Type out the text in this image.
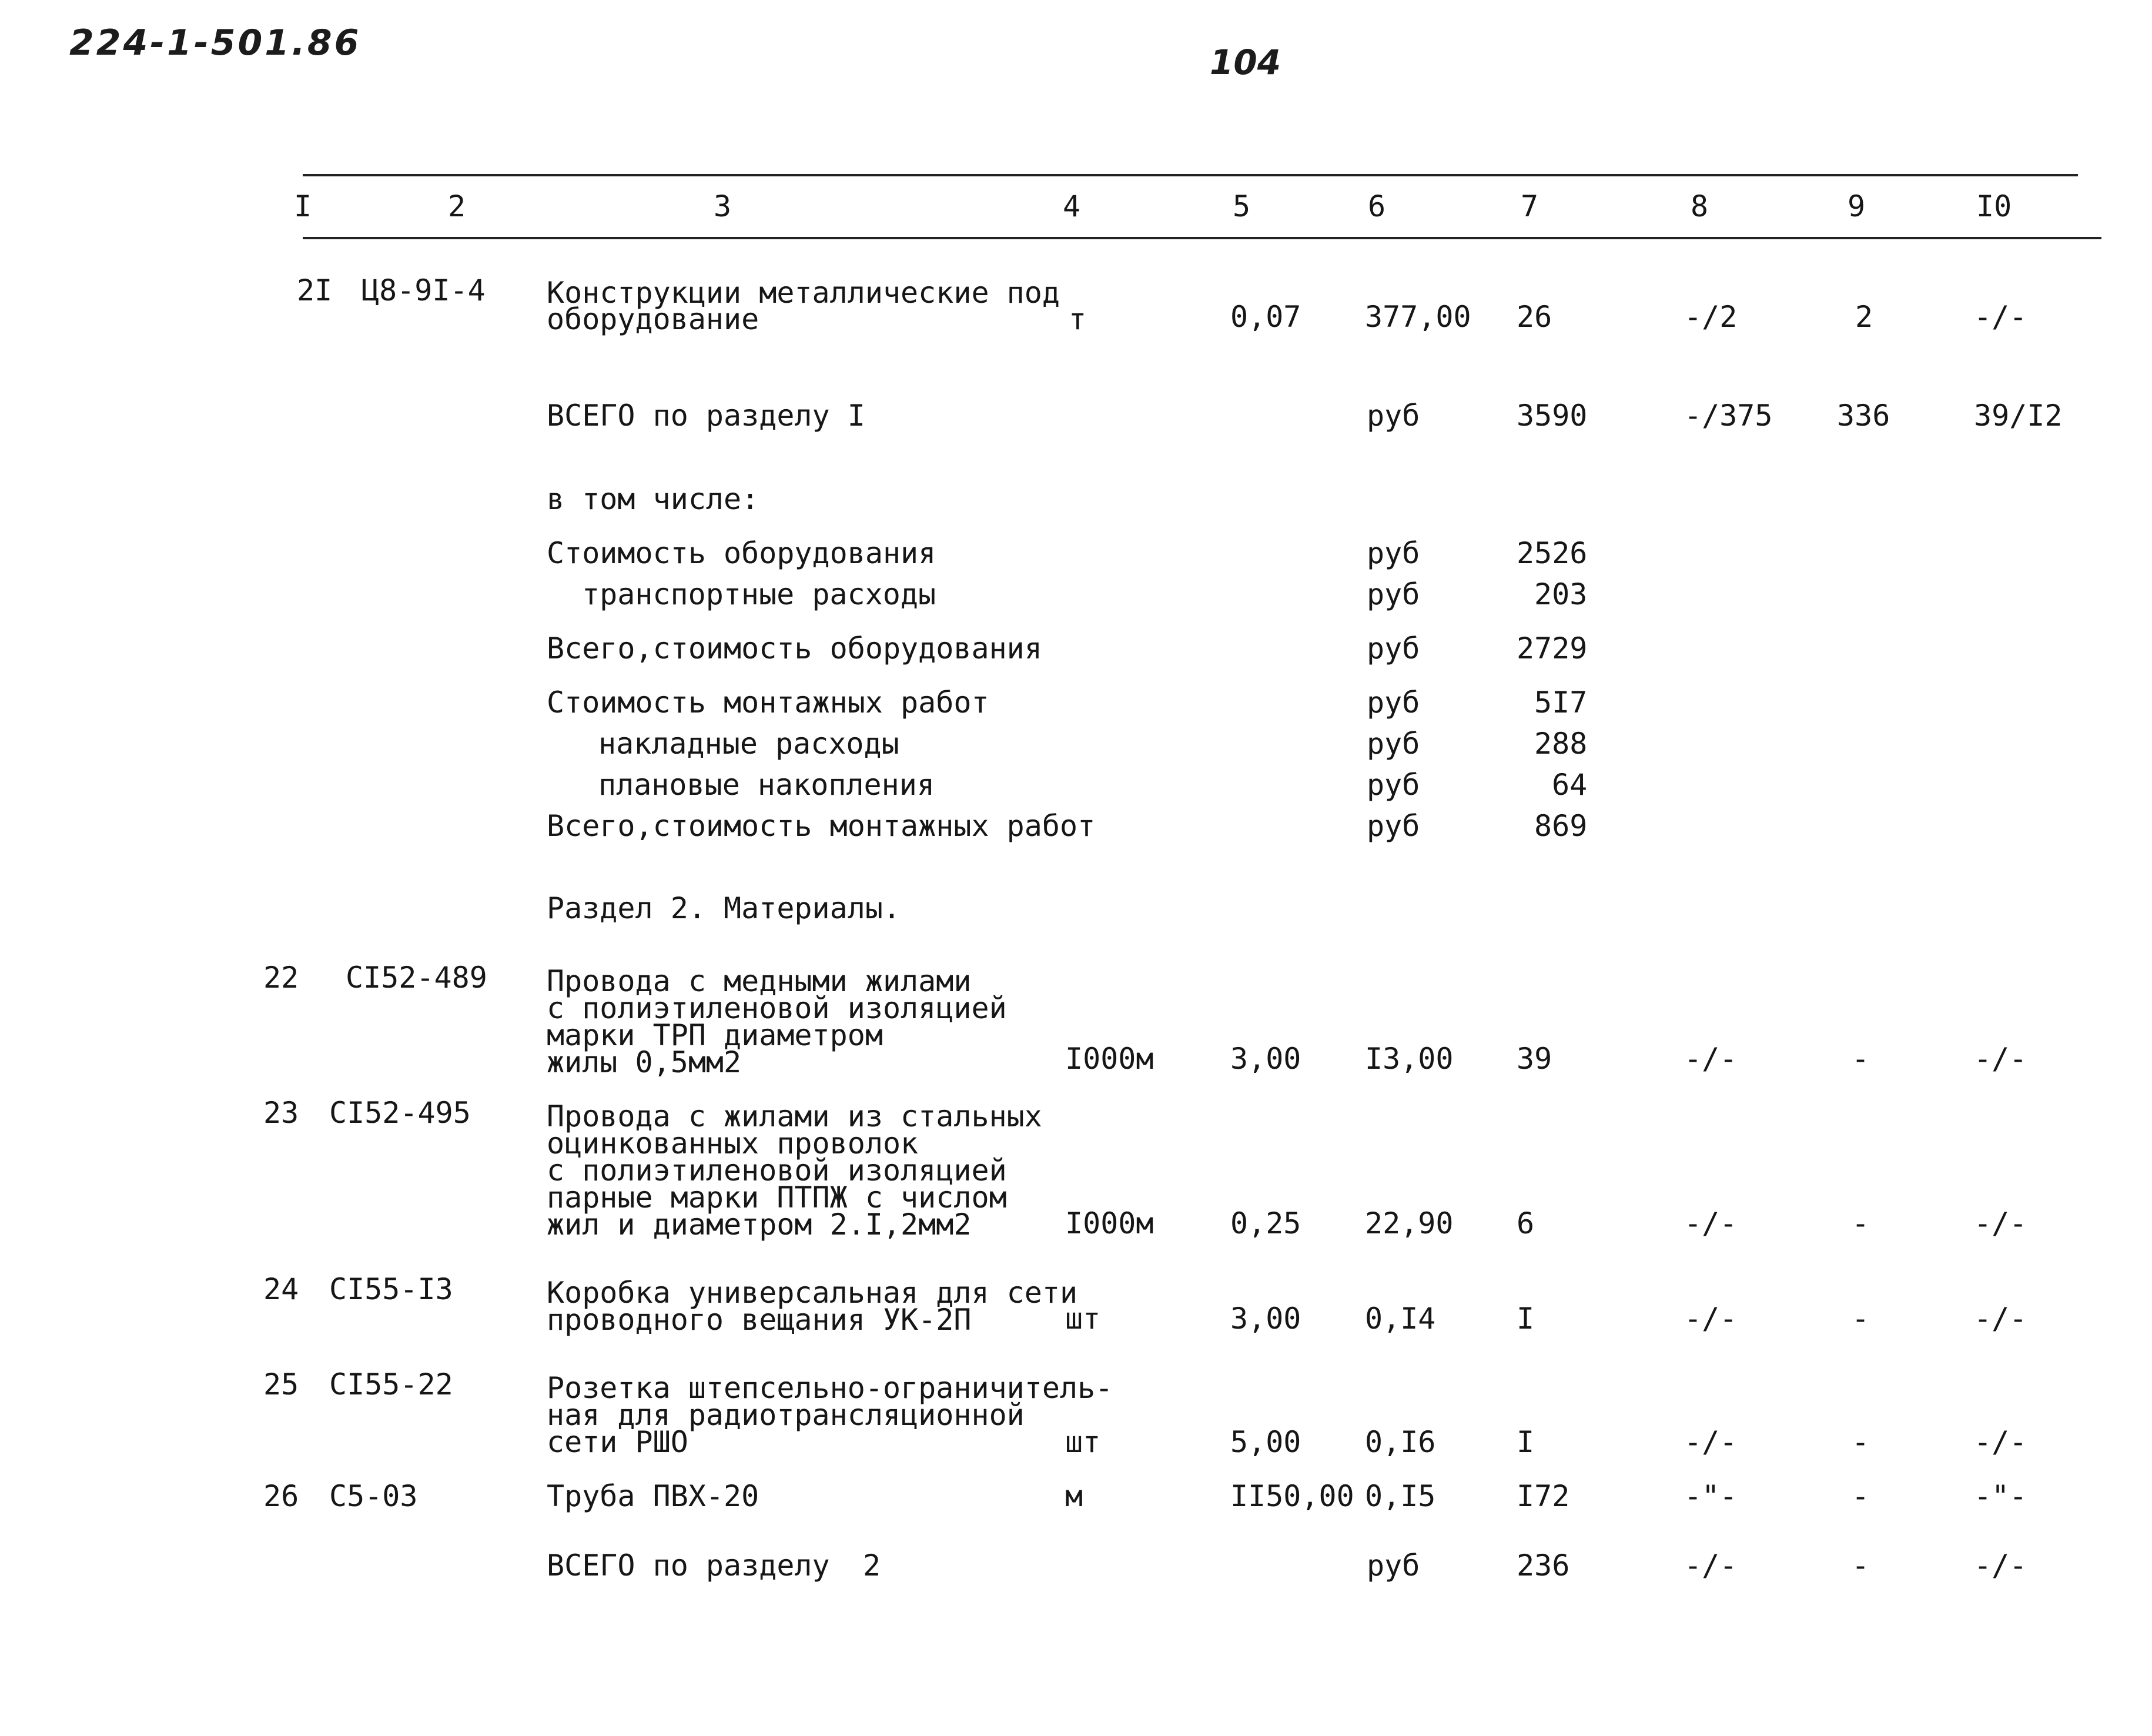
224-1-501.86	104
I	2	3	4	5	6	7	8	9	I0
2I Ц8-9I-4 Конструкции металлические под
оборудование	т	0,07 377,00 26	-/2	2	-/-
ВСЕГО по разделу I	руб	3590	-/375 336	39/I2
в том числе:
Стоимость оборудования	руб	2526
транспортные расходы	руб	203
Всего,стоимость оборудования	руб	2729
Стоимость монтажных работ	руб	5I7
накладные расходы	руб	288
плановые накопления	руб	64
Всего,стоимость монтажных работ	руб	869
Раздел 2. Материалы.
22 СI52-489 Провода с медными жилами
с полиэтиленовой изоляцией
марки ТРП диаметром
жилы 0,5мм2	I000м	3,00 I3,00 39	-/-	-	-/-
23 СI52-495	Провода с жилами из стальных
оцинкованных проволок
с полиэтиленовой изоляцией
парные марки ПТПЖ с числом
жил и диаметром 2.I,2мм2	I000м	0,25 22,90 6	-/-	-	-/-
24 СI55-I3	Коробка универсальная для сети
проводного вещания УК-2П	шт	3,00 0,I4	I	-/-	-	-/-
25 СI55-22	Розетка штепсельно-ограничитель-
ная для радиотрансляционной
сети РШО	шт	5,00 0,I6	I	-/-	-	-/-
26 С5-03	Труба ПВХ-20	м	II50,00 0,I5	I72	-"-	-	-"-
ВСЕГО по разделу 2	руб	236	-/-	-	-/-
